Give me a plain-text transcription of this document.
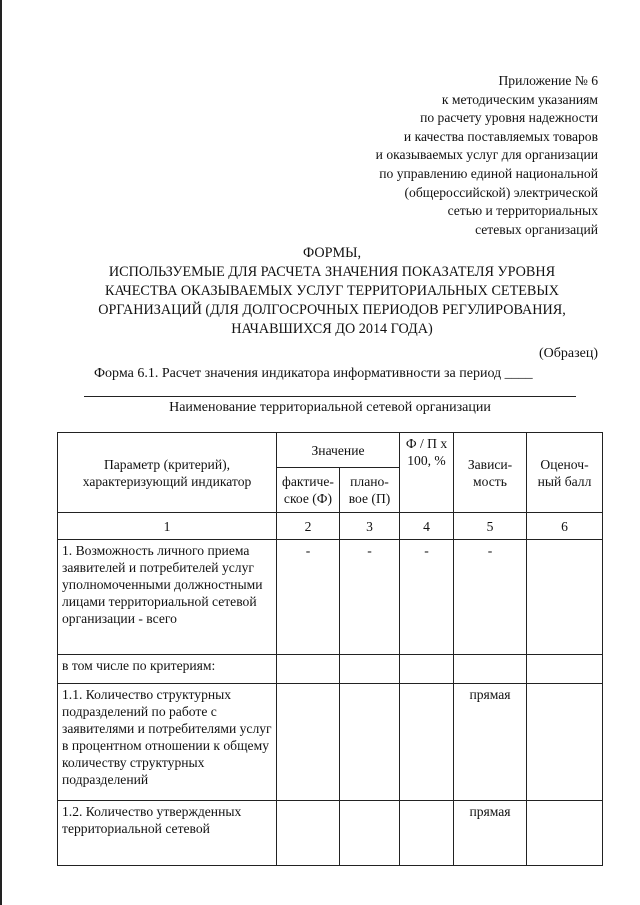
Приложение № 6
к методическим указаниям
по расчету уровня надежности
и качества поставляемых товаров
и оказываемых услуг для организации
по управлению единой национальной
(общероссийской) электрической
сетью и территориальных
сетевых организаций
ФОРМЫ,
ИСПОЛЬЗУЕМЫЕ ДЛЯ РАСЧЕТА ЗНАЧЕНИЯ ПОКАЗАТЕЛЯ УРОВНЯ
КАЧЕСТВА ОКАЗЫВАЕМЫХ УСЛУГ ТЕРРИТОРИАЛЬНЫХ СЕТЕВЫХ
ОРГАНИЗАЦИЙ (ДЛЯ ДОЛГОСРОЧНЫХ ПЕРИОДОВ РЕГУЛИРОВАНИЯ,
НАЧАВШИХСЯ ДО 2014 ГОДА)
(Образец)
Форма 6.1. Расчет значения индикатора информативности за период ____
Наименование территориальной сетевой организации
Параметр (критерий), характеризующий индикатор	Значение		Ф / П х 100, %	Зависи-мость	Оценоч-ный балл
	фактиче-ское (Ф)	плано-вое (П)			
1	2	3	4	5	6
1. Возможность личного приема заявителей и потребителей услуг уполномоченными должностными лицами территориальной сетевой организации - всего	-	-	-	-	
в том числе по критериям:					
1.1. Количество структурных подразделений по работе с заявителями и потребителями услуг в процентном отношении к общему количеству структурных подразделений				прямая	
1.2. Количество утвержденных территориальной сетевой				прямая	
